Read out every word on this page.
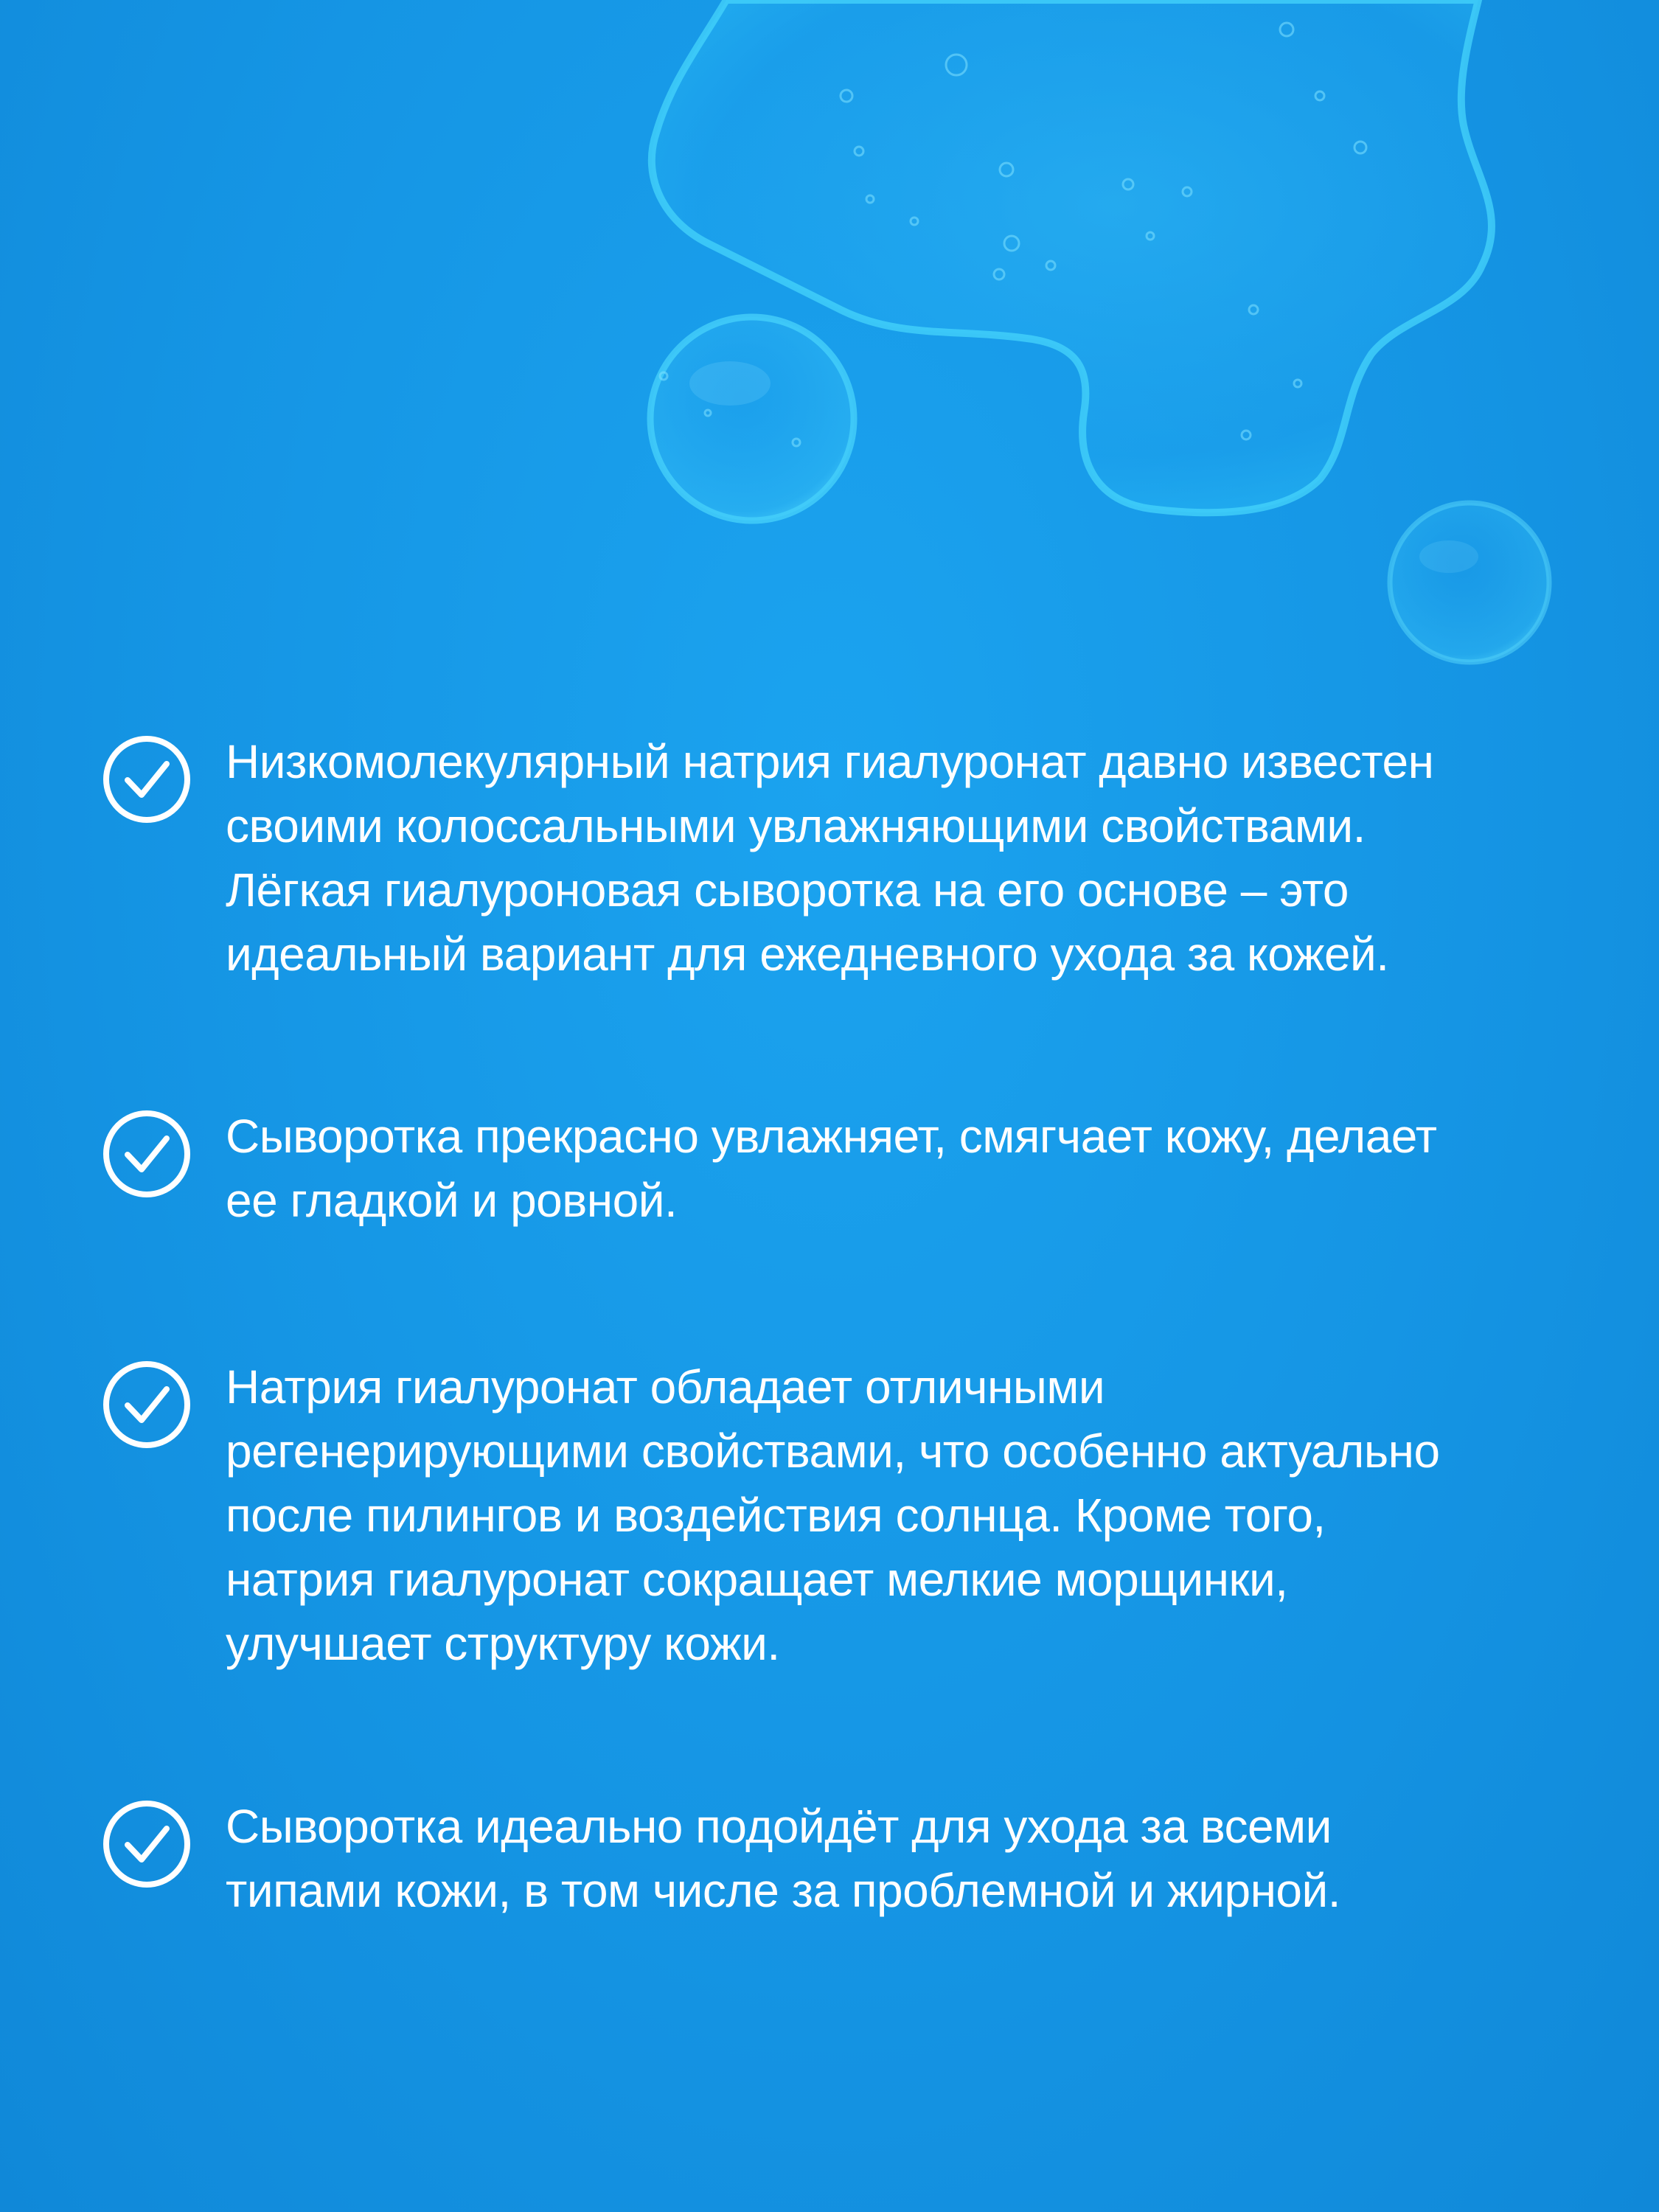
Низкомолекулярный натрия гиалуронат давно известен
своими колоссальными увлажняющими свойствами.
Лёгкая гиалуроновая сыворотка на его основе – это
идеальный вариант для ежедневного ухода за кожей.
Сыворотка прекрасно увлажняет, смягчает кожу, делает
ее гладкой и ровной.
Натрия гиалуронат обладает отличными
регенерирующими свойствами, что особенно актуально
после пилингов и воздействия солнца. Кроме того,
натрия гиалуронат сокращает мелкие морщинки,
улучшает структуру кожи.
Сыворотка идеально подойдёт для ухода за всеми
типами кожи, в том числе за проблемной и жирной.
